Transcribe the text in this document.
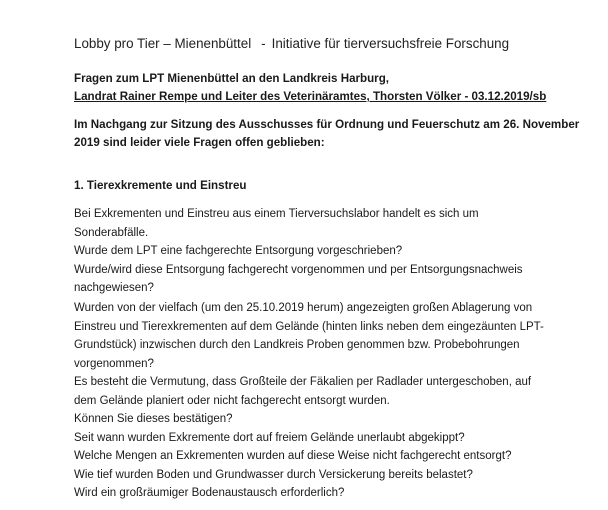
Lobby pro Tier – Mienenbüttel - Initiative für tierversuchsfreie Forschung
Fragen zum LPT Mienenbüttel an den Landkreis Harburg,
Landrat Rainer Rempe und Leiter des Veterinäramtes, Thorsten Völker - 03.12.2019/sb
Im Nachgang zur Sitzung des Ausschusses für Ordnung und Feuerschutz am 26. November
2019 sind leider viele Fragen offen geblieben:
1. Tierexkremente und Einstreu
Bei Exkrementen und Einstreu aus einem Tierversuchslabor handelt es sich um
Sonderabfälle.
Wurde dem LPT eine fachgerechte Entsorgung vorgeschrieben?
Wurde/wird diese Entsorgung fachgerecht vorgenommen und per Entsorgungsnachweis
nachgewiesen?
Wurden von der vielfach (um den 25.10.2019 herum) angezeigten großen Ablagerung von
Einstreu und Tierexkrementen auf dem Gelände (hinten links neben dem eingezäunten LPT-
Grundstück) inzwischen durch den Landkreis Proben genommen bzw. Probebohrungen
vorgenommen?
Es besteht die Vermutung, dass Großteile der Fäkalien per Radlader untergeschoben, auf
dem Gelände planiert oder nicht fachgerecht entsorgt wurden.
Können Sie dieses bestätigen?
Seit wann wurden Exkremente dort auf freiem Gelände unerlaubt abgekippt?
Welche Mengen an Exkrementen wurden auf diese Weise nicht fachgerecht entsorgt?
Wie tief wurden Boden und Grundwasser durch Versickerung bereits belastet?
Wird ein großräumiger Bodenaustausch erforderlich?
